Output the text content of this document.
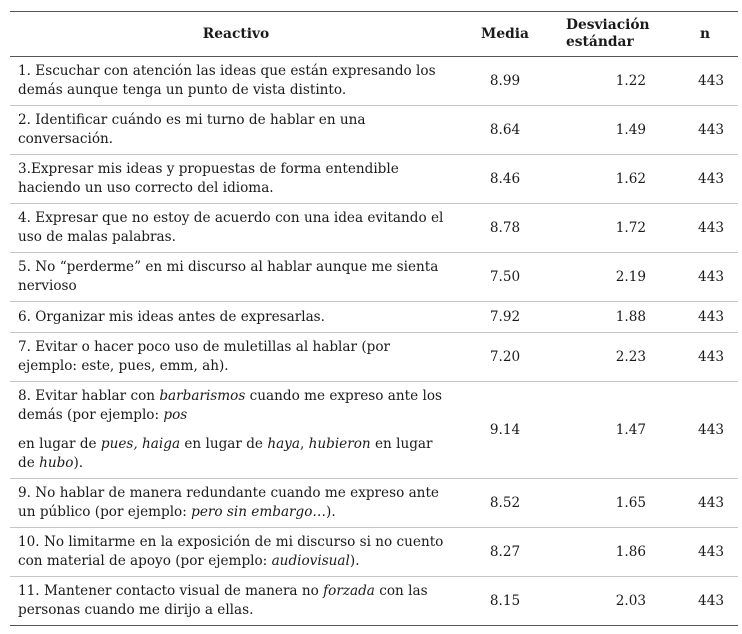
Reactivo	Media	Desviación estándar	n
1. Escuchar con atención las ideas que están expresando los demás aunque tenga un punto de vista distinto.	8.99	1.22	443
2. Identificar cuándo es mi turno de hablar en una conversación.	8.64	1.49	443
3.Expresar mis ideas y propuestas de forma entendible haciendo un uso correcto del idioma.	8.46	1.62	443
4. Expresar que no estoy de acuerdo con una idea evitando el uso de malas palabras.	8.78	1.72	443
5. No “perderme” en mi discurso al hablar aunque me sienta nervioso	7.50	2.19	443
6. Organizar mis ideas antes de expresarlas.	7.92	1.88	443
7. Evitar o hacer poco uso de muletillas al hablar (por ejemplo: este, pues, emm, ah).	7.20	2.23	443

8. Evitar hablar con barbarismos cuando me expreso ante los demás (por ejemplo: pos
en lugar de pues, haiga en lugar de haya, hubieron en lugar de hubo).	9.14	1.47	443
9. No hablar de manera redundante cuando me expreso ante un público (por ejemplo: pero sin embargo…).	8.52	1.65	443
10. No limitarme en la exposición de mi discurso si no cuento con material de apoyo (por ejemplo: audiovisual).	8.27	1.86	443
11. Mantener contacto visual de manera no forzada con las personas cuando me dirijo a ellas.	8.15	2.03	443
